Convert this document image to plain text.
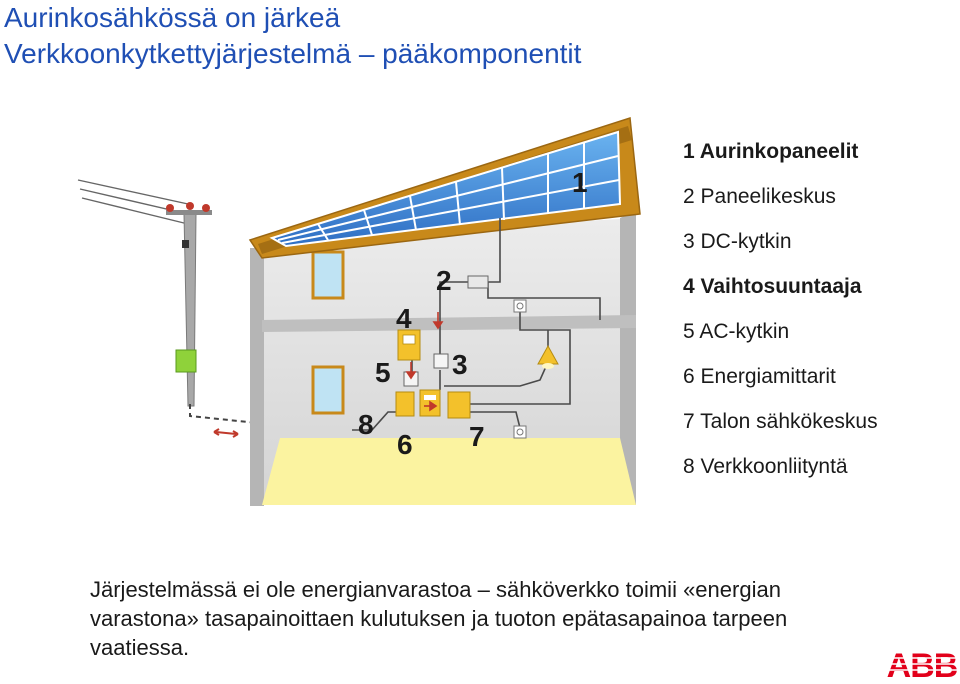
Aurinkosähkössä on järkeä
Verkkoonkytkettyjärjestelmä – pääkomponentit
1
2
3
4
5
6 7
8
1 Aurinkopaneelit
2 Paneelikeskus
3 DC-kytkin
4 Vaihtosuuntaaja
5 AC-kytkin
6 Energiamittarit
7 Talon sähkökeskus
8 Verkkoonliityntä

Järjestelmässä ei ole energianvarastoa – sähköverkko toimii «energian varastona» tasapainoittaen kulutuksen ja tuoton epätasapainoa tarpeen vaatiessa.	ABB
